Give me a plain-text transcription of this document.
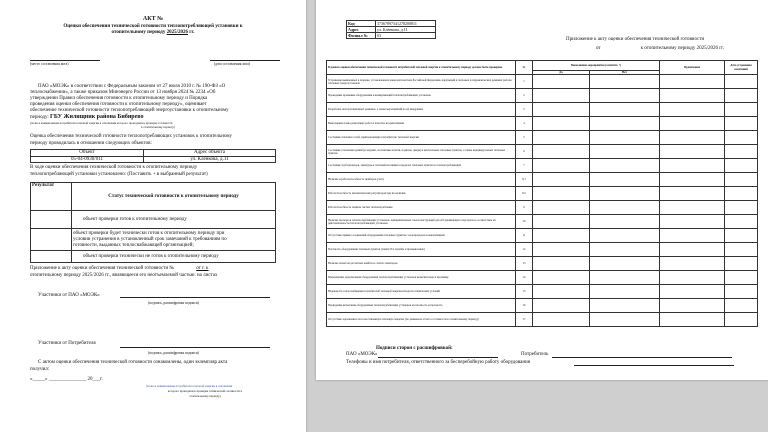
АКТ №
Оценки обеспечения технической готовности теплопотребляющей установки к
отопительному периоду 2025/2026 гг.
(место составления акта)	(дата составления акта)
ПАО «МОЭК» в соответствии с Федеральным законом от 27 июля 2010 г. № 190-ФЗ «О
теплоснабжении», а также приказом Минэнерго России от 13 ноября 2024 № 2234 «Об
утверждении Правил обеспечения готовности к отопительному периоду и Порядка
проведения оценки обеспечения готовности к отопительному периоду», оценивает
обеспечение технической готовности теплопотребляющей энергоустановки к отопительному
периоду: ГБУ Жилищник района Бибирево
(полное наименование потребителя тепловой энергии в отношении которого проводилась проверка готовности
к отопительному периоду)
Оценка обеспечения технической готовности теплопотребляющих установок к отопительному
периоду проводилась в отношении следующих объектов:
Объект	Адрес объекта
05-04-0930/011	ул. Клёнкова, д.11
В ходе оценки обеспечения технической готовности к отопительному периоду
теплопотребляющей установки установлено: (Поставить + в выбранный результат)
Результат	Статус технической готовности к отопительному периоду

	объект проверки готов к отопительному периоду

	объект проверки будет технически готов к отопительному периоду при
условии устранения в установленный срок замечаний к требованиям по
готовности, выданных теплоснабжающей организацией;

	объект проверки технически не готов к отопительному периоду
Приложение к акту оценки обеспечения технической готовности №	от г. к
отопительному периоду 2025/2026 гг., являющееся его неотъемлемой частью: на листах
Участники от ПАО «МОЭК»
(подпись, расшифровка подписи)
Участники от Потребителя
(подпись, расшифровка подписи)
С актом оценки обеспечения технической готовности ознакомлены, один экземпляр акта
получил:
«_____» _______________ 20___г.
(полное наименование потребителя тепловой энергии в отношении
которого проводилась проверка технической готовности к
отопительному периоду)
Код	37367897341278200811
Адрес	ул. Клёнкова, д.11
Филиал №	03
Приложение к акту оценки обеспечения технической готовности
от	к отопительному периоду 2025/2026 гг.
В рамках оценки обеспечения технической готовности потребителей тепловой энергии к отопительному периоду должно быть проверено	№	Выполнение мероприятия (отметить +)		Примечание	Дата устранения замечаний
		Да	Нет		
Устранение выявленных в порядке, установленном законодательством Российской Федерации, нарушений в тепловых и гидравлических режимах работы тепловых энергоустановок	1				
Проведение промывки оборудования и коммуникаций теплопотребляющих установок	2				
Разработка эксплуатационных режимов, а также мероприятий по их внедрению	3				
Выполнение плана ремонтных работ и качество их выполнения	4				
Состояние тепловых сетей, принадлежащих потребителю тепловой энергии	5				
Состояние утепления зданий (и чердаки, лестничные клетки, подвалы, двери) и центральных тепловых пунктов, а также индивидуальных тепловых пунктов	6				
Состояние трубопроводов, арматуры и тепловой изоляции в пределах тепловых пунктов и теплопотребляющих	7				
Наличие и работоспособность приборов учета;	8.1				
Работоспособность автоматических регуляторов при их наличии	8.2				
Работоспособность защиты систем теплопотребления	9				
Наличие паспортов теплопотребляющих установок, принципиальных схем и инструкций для обслуживающего персонала и соответствие их действительности теплопотребляющих установок	10				
Отсутствие прямых соединений оборудования тепловых пунктов с водопроводом и канализацией	11				
Плотность оборудования тепловых пунктов (спектр P и пломбы и промывочных)	12				
Наличие пломб на расчетных шайбах и соплах элеваторов	13				
Прекращение подключения оборудования теплопотребляющих установок включительно и промывку	14				
Надежность теплоснабжения потребителей тепловой энергии исходя из технических условий	15				
Проведение испытания оборудования теплопотребляющих установок на плотность и прочность	16				
Отсутствие задолженности за поставленную тепловую энергию (по данным из отчета о готовности к отопительному периоду)	17				
Подписи сторон с расшифровкой:
ПАО «МОЭК»	Потребитель
Телефоны и имя потребителя, ответственного за бесперебойную работу оборудования
